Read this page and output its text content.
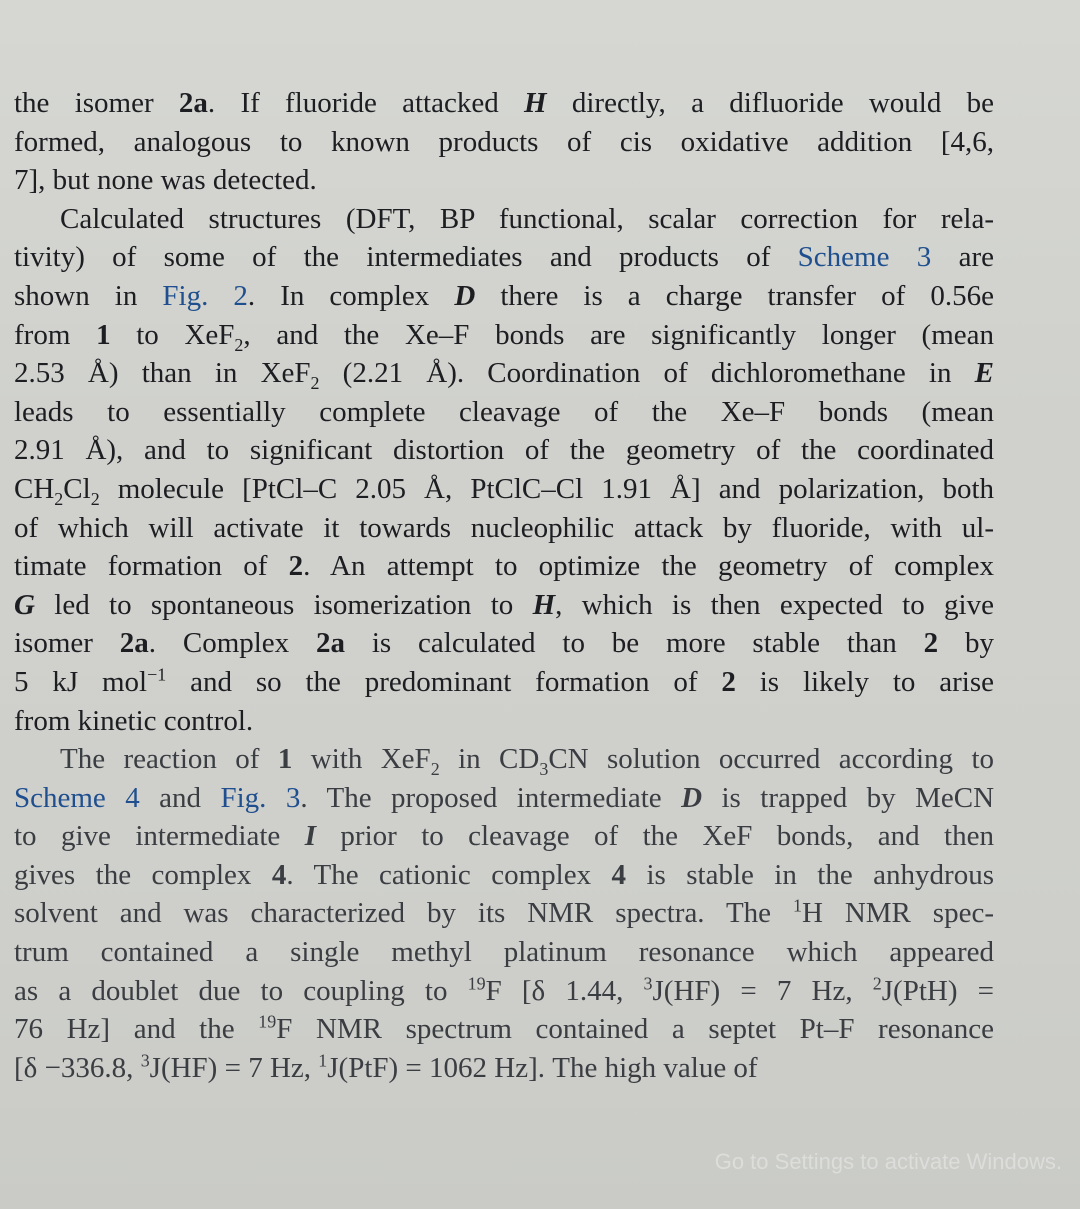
the isomer 2a. If fluoride attacked H directly, a difluoride would be
formed, analogous to known products of cis oxidative addition [4,6,
7], but none was detected.
Calculated structures (DFT, BP functional, scalar correction for rela-
tivity) of some of the intermediates and products of Scheme 3 are
shown in Fig. 2. In complex D there is a charge transfer of 0.56e
from 1 to XeF$_2$, and the Xe–F bonds are significantly longer (mean
2.53 Å) than in XeF$_2$ (2.21 Å). Coordination of dichloromethane in E
leads to essentially complete cleavage of the Xe–F bonds (mean
2.91 Å), and to significant distortion of the geometry of the coordinated
$CH_2Cl_2$ molecule [PtCl–C 2.05 Å, PtClC–Cl 1.91 Å] and polarization, both
of which will activate it towards nucleophilic attack by fluoride, with ul-
timate formation of 2. An attempt to optimize the geometry of complex
G led to spontaneous isomerization to H, which is then expected to give
isomer 2a. Complex 2a is calculated to be more stable than 2 by
5 kJ mol$^{-1}$ and so the predominant formation of 2 is likely to arise
from kinetic control.
The reaction of 1 with XeF$_2$ in $CD_3CN$ solution occurred according to
Scheme 4 and Fig. 3. The proposed intermediate D is trapped by MeCN
to give intermediate I prior to cleavage of the XeF bonds, and then
gives the complex 4. The cationic complex 4 is stable in the anhydrous
solvent and was characterized by its NMR spectra. The $^1$H NMR spec-
trum contained a single methyl platinum resonance which appeared
as a doublet due to coupling to $^{19}$F [δ 1.44, $^3$J(HF) = 7 Hz, $^2$J(PtH) =
76 Hz] and the $^{19}$F NMR spectrum contained a septet Pt–F resonance
[δ −336.8, $^3$J(HF) = 7 Hz, $^1$J(PtF) = 1062 Hz]. The high value of
Go to Settings to activate Windows.
